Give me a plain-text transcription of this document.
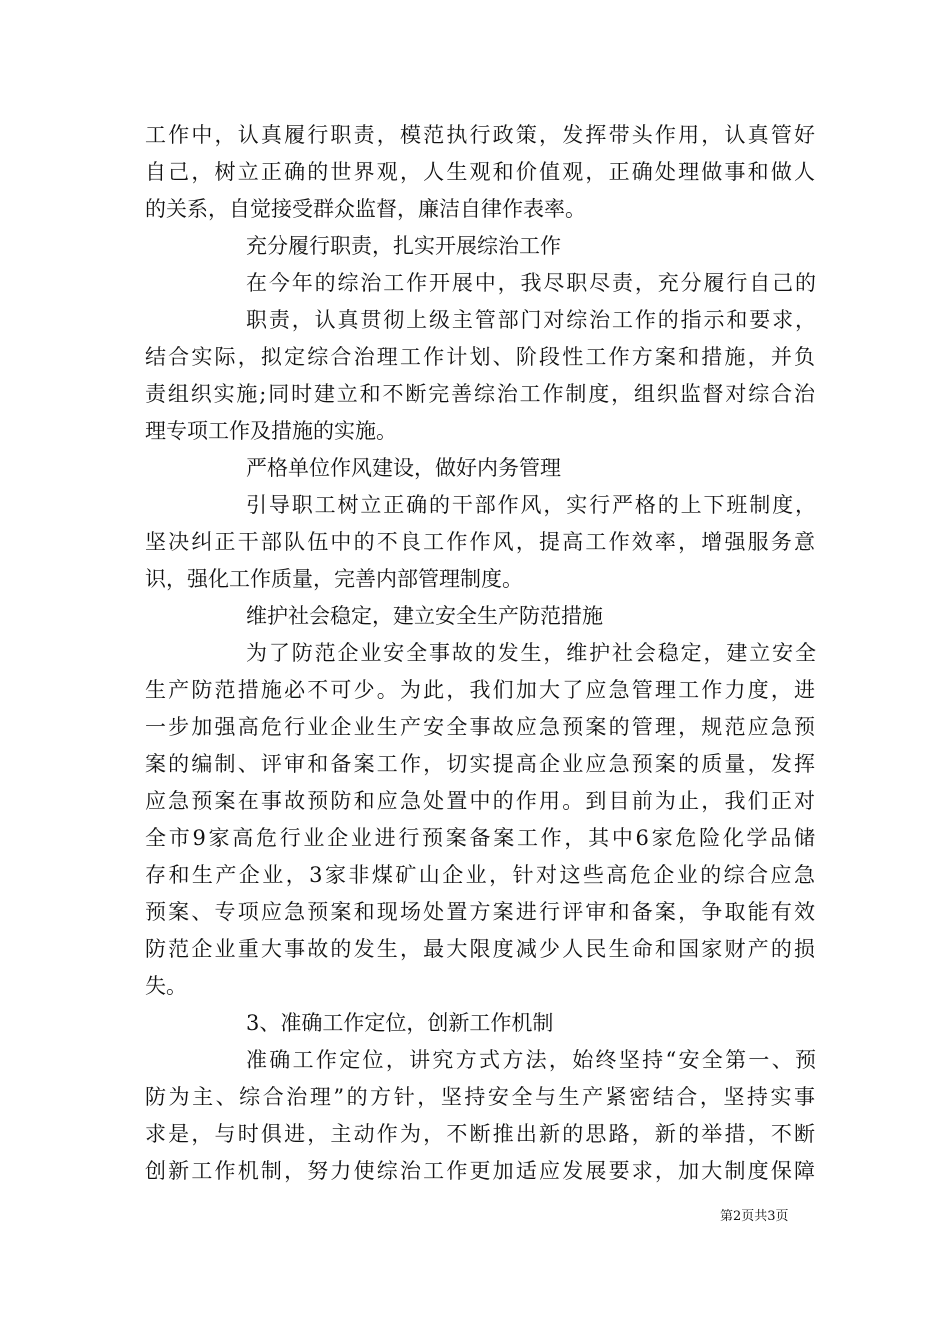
工作中，认真履行职责，模范执行政策，发挥带头作用，认真管好
自己，树立正确的世界观，人生观和价值观，正确处理做事和做人
的关系，自觉接受群众监督，廉洁自律作表率。
充分履行职责，扎实开展综治工作
在今年的综治工作开展中，我尽职尽责，充分履行自己的
职责，认真贯彻上级主管部门对综治工作的指示和要求，
结合实际，拟定综合治理工作计划、阶段性工作方案和措施，并负
责组织实施;同时建立和不断完善综治工作制度，组织监督对综合治
理专项工作及措施的实施。
严格单位作风建设，做好内务管理
引导职工树立正确的干部作风，实行严格的上下班制度，
坚决纠正干部队伍中的不良工作作风，提高工作效率，增强服务意
识，强化工作质量，完善内部管理制度。
维护社会稳定，建立安全生产防范措施
为了防范企业安全事故的发生，维护社会稳定，建立安全
生产防范措施必不可少。为此，我们加大了应急管理工作力度，进
一步加强高危行业企业生产安全事故应急预案的管理，规范应急预
案的编制、评审和备案工作，切实提高企业应急预案的质量，发挥
应急预案在事故预防和应急处置中的作用。到目前为止，我们正对
全市9家高危行业企业进行预案备案工作，其中6家危险化学品储
存和生产企业，3家非煤矿山企业，针对这些高危企业的综合应急
预案、专项应急预案和现场处置方案进行评审和备案，争取能有效
防范企业重大事故的发生，最大限度减少人民生命和国家财产的损
失。
3、准确工作定位，创新工作机制
准确工作定位，讲究方式方法，始终坚持“安全第一、预
防为主、综合治理”的方针，坚持安全与生产紧密结合，坚持实事
求是，与时俱进，主动作为，不断推出新的思路，新的举措，不断
创新工作机制，努力使综治工作更加适应发展要求，加大制度保障
第2页共3页
